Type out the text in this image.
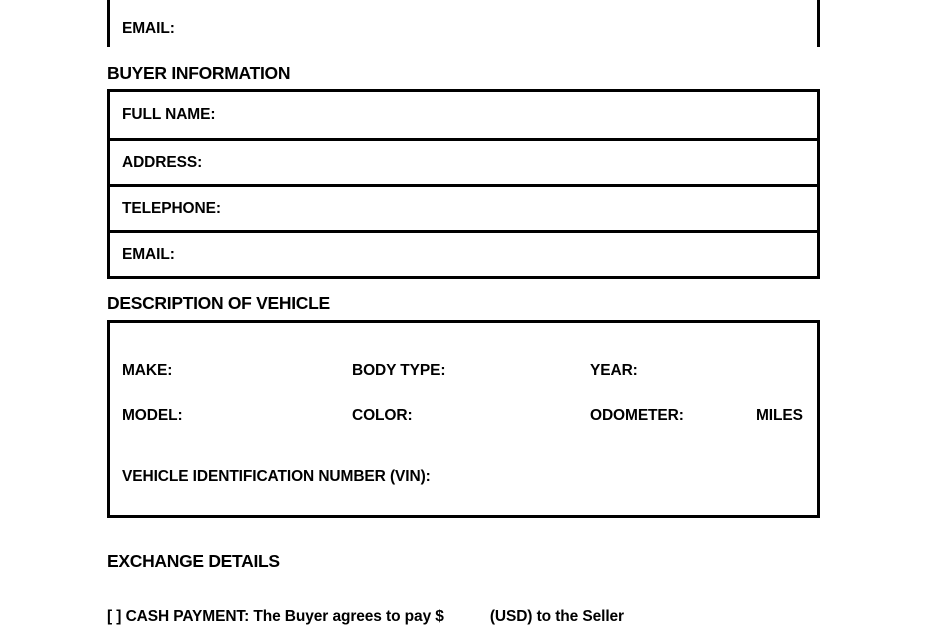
EMAIL:
BUYER INFORMATION
FULL NAME:
ADDRESS:
TELEPHONE:
EMAIL:
DESCRIPTION OF VEHICLE
MAKE:	BODY TYPE:	YEAR:
MODEL:	COLOR:	ODOMETER:	MILES
VEHICLE IDENTIFICATION NUMBER (VIN):
EXCHANGE DETAILS
[ ] CASH PAYMENT: The Buyer agrees to pay $	(USD) to the Seller
